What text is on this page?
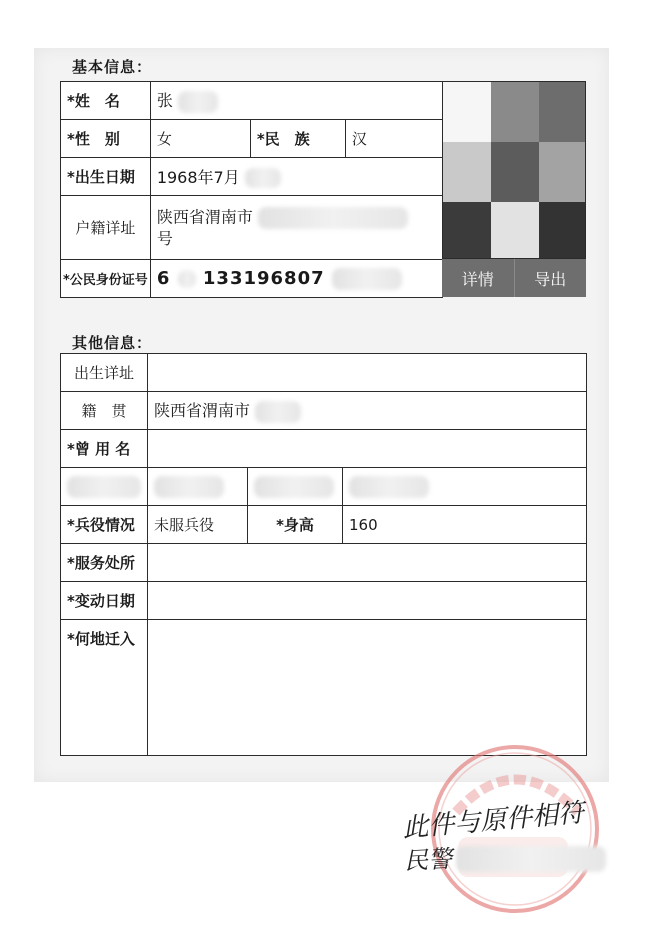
基本信息：
*姓　名	张		
*性　别	女	*民　族	汉
*出生日期	1968年7月		
户籍详址	陕西省渭南市
号		

*公民身份证号	6 133196807			详情	导出
其他信息：
出生详址			
籍　贯	陕西省渭南市		
*曾 用 名			

*兵役情况	未服兵役	*身高	160
*服务处所			
*变动日期			
*何地迁入			
此件与原件相符
民警
